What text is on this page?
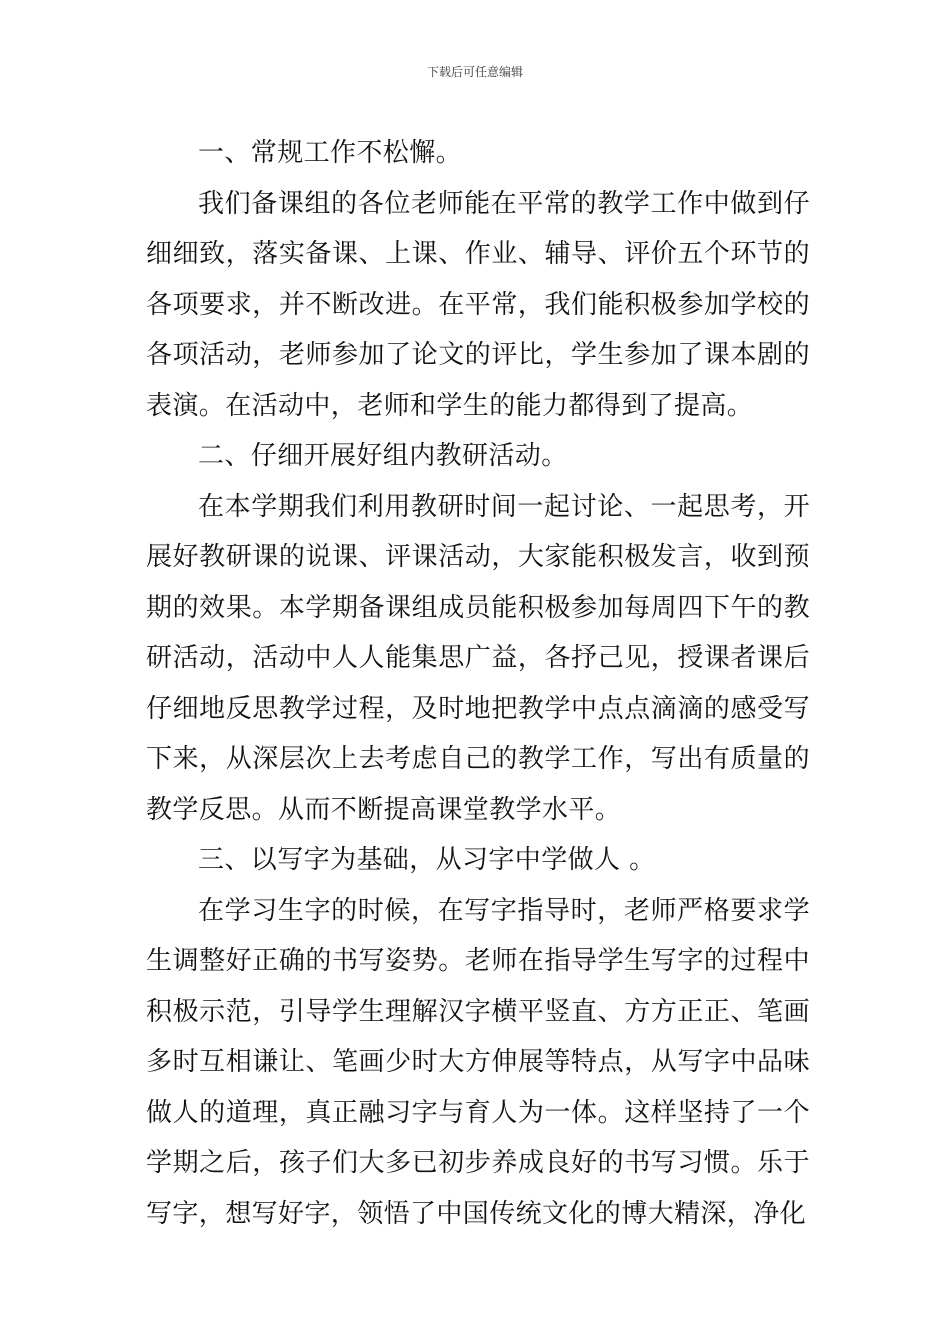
下载后可任意编辑

一、常规工作不松懈。

我们备课组的各位老师能在平常的教学工作中做到仔细细致，落实备课、上课、作业、辅导、评价五个环节的各项要求，并不断改进。在平常，我们能积极参加学校的各项活动，老师参加了论文的评比，学生参加了课本剧的表演。在活动中，老师和学生的能力都得到了提高。

二、仔细开展好组内教研活动。

在本学期我们利用教研时间一起讨论、一起思考，开展好教研课的说课、评课活动，大家能积极发言，收到预期的效果。本学期备课组成员能积极参加每周四下午的教研活动，活动中人人能集思广益，各抒己见，授课者课后仔细地反思教学过程，及时地把教学中点点滴滴的感受写下来，从深层次上去考虑自己的教学工作，写出有质量的教学反思。从而不断提高课堂教学水平。

三、以写字为基础，从习字中学做人 。

在学习生字的时候，在写字指导时，老师严格要求学生调整好正确的书写姿势。老师在指导学生写字的过程中积极示范，引导学生理解汉字横平竖直、方方正正、笔画多时互相谦让、笔画少时大方伸展等特点，从写字中品味做人的道理，真正融习字与育人为一体。这样坚持了一个学期之后，孩子们大多已初步养成良好的书写习惯。乐于写字，想写好字，领悟了中国传统文化的博大精深，净化
